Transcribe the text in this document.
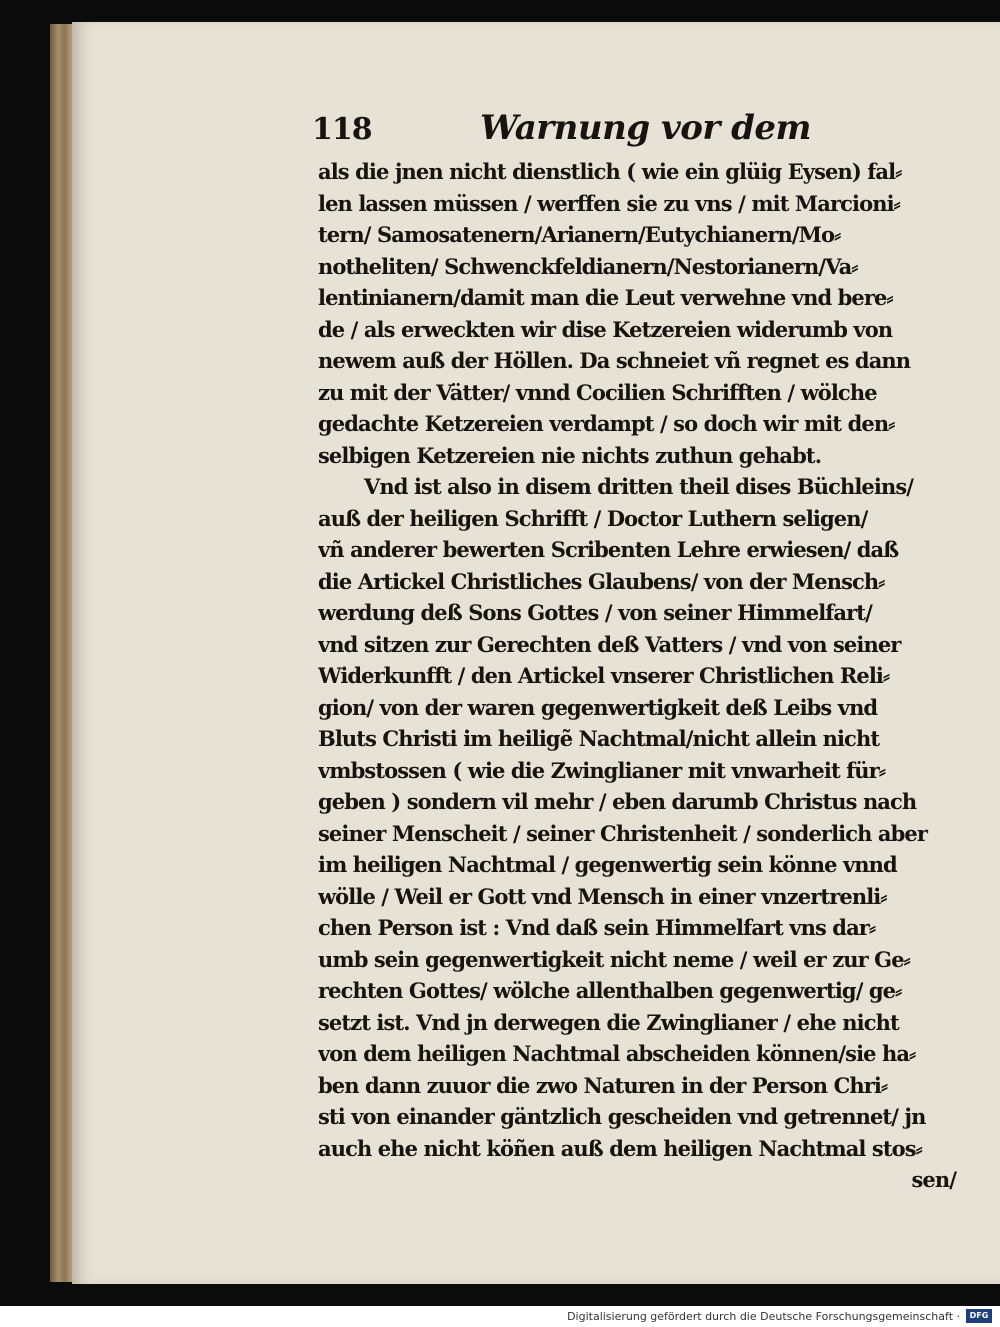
118	Warnung vor dem
als die jnen nicht dienstlich ( wie ein glüig Eysen) fal⸗
len lassen müssen / werffen sie zu vns / mit Marcioni⸗
tern/ Samosatenern/Arianern/Eutychianern/Mo⸗
notheliten/ Schwenckfeldianern/Nestorianern/Va⸗
lentinianern/damit man die Leut verwehne vnd bere⸗
de / als erweckten wir dise Ketzereien widerumb von
newem auß der Höllen. Da schneiet vñ regnet es dann
zu mit der Vätter/ vnnd Cocilien Schrifften / wölche
gedachte Ketzereien verdampt / so doch wir mit den⸗
selbigen Ketzereien nie nichts zuthun gehabt.
Vnd ist also in disem dritten theil dises Büchleins/
auß der heiligen Schrifft / Doctor Luthern seligen/
vñ anderer bewerten Scribenten Lehre erwiesen/ daß
die Artickel Christliches Glaubens/ von der Mensch⸗
werdung deß Sons Gottes / von seiner Himmelfart/
vnd sitzen zur Gerechten deß Vatters / vnd von seiner
Widerkunfft / den Artickel vnserer Christlichen Reli⸗
gion/ von der waren gegenwertigkeit deß Leibs vnd
Bluts Christi im heiligẽ Nachtmal/nicht allein nicht
vmbstossen ( wie die Zwinglianer mit vnwarheit für⸗
geben ) sondern vil mehr / eben darumb Christus nach
seiner Menscheit / seiner Christenheit / sonderlich aber
im heiligen Nachtmal / gegenwertig sein könne vnnd
wölle / Weil er Gott vnd Mensch in einer vnzertrenli⸗
chen Person ist : Vnd daß sein Himmelfart vns dar⸗
umb sein gegenwertigkeit nicht neme / weil er zur Ge⸗
rechten Gottes/ wölche allenthalben gegenwertig/ ge⸗
setzt ist. Vnd jn derwegen die Zwinglianer / ehe nicht
von dem heiligen Nachtmal abscheiden können/sie ha⸗
ben dann zuuor die zwo Naturen in der Person Chri⸗
sti von einander gäntzlich gescheiden vnd getrennet/ jn
auch ehe nicht köñen auß dem heiligen Nachtmal stos⸗
sen/
Digitalisierung gefördert durch die Deutsche Forschungsgemeinschaft ·	DFG
